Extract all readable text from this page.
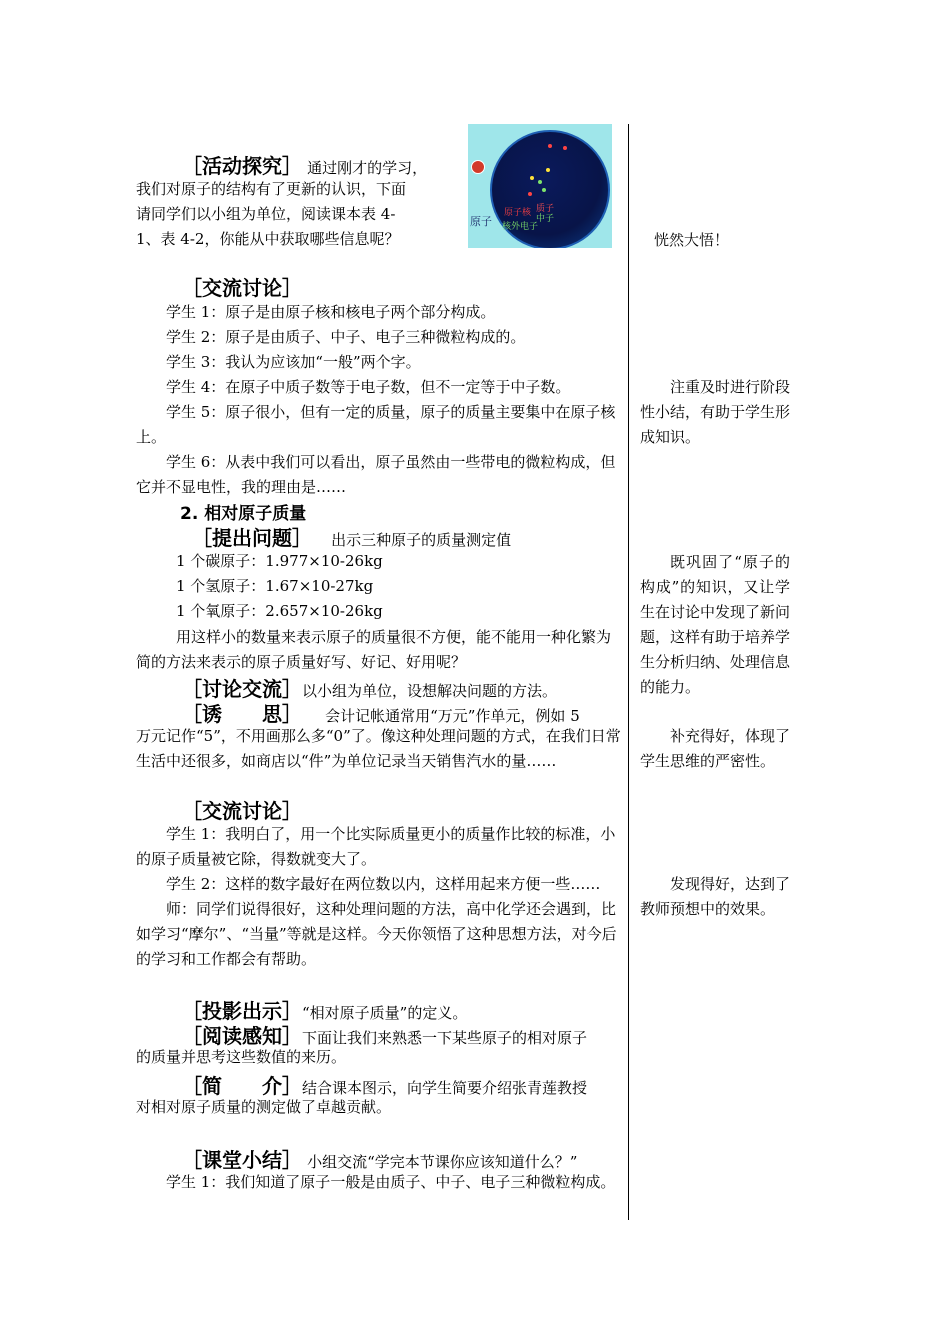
原子
原子核
核外电子
质子
中子
［活动探究］ 通过刚才的学习，
我们对原子的结构有了更新的认识，下面
请同学们以小组为单位，阅读课本表 4-
1、表 4-2，你能从中获取哪些信息呢？
［交流讨论］

学生 1：原子是由原子核和核电子两个部分构成。

学生 2：原子是由质子、中子、电子三种微粒构成的。

学生 3：我认为应该加“一般”两个字。

学生 4：在原子中质子数等于电子数，但不一定等于中子数。

学生 5：原子很小，但有一定的质量，原子的质量主要集中在原子核上。

学生 6：从表中我们可以看出，原子虽然由一些带电的微粒构成，但它并不显电性，我的理由是……

2. 相对原子质量
［提出问题］ 出示三种原子的质量测定值
1 个碳原子：1.977×10-26kg
1 个氢原子：1.67×10-27kg
1 个氧原子：2.657×10-26kg

用这样小的数量来表示原子的质量很不方便，能不能用一种化繁为简的方法来表示的原子质量好写、好记、好用呢？

［讨论交流］以小组为单位，设想解决问题的方法。
［诱　　思］ 会计记帐通常用“万元”作单元，例如 5

万元记作“5”，不用画那么多“0”了。像这种处理问题的方式，在我们日常生活中还很多，如商店以“件”为单位记录当天销售汽水的量……

［交流讨论］

学生 1：我明白了，用一个比实际质量更小的质量作比较的标准，小的原子质量被它除，得数就变大了。

学生 2：这样的数字最好在两位数以内，这样用起来方便一些……

师：同学们说得很好，这种处理问题的方法，高中化学还会遇到，比如学习“摩尔”、“当量”等就是这样。今天你领悟了这种思想方法，对今后的学习和工作都会有帮助。

［投影出示］“相对原子质量”的定义。
［阅读感知］下面让我们来熟悉一下某些原子的相对原子
的质量并思考这些数值的来历。
［简　　介］结合课本图示，向学生简要介绍张青莲教授
对相对原子质量的测定做了卓越贡献。
［课堂小结］ 小组交流“学完本节课你应该知道什么？”

学生 1：我们知道了原子一般是由质子、中子、电子三种微粒构成。

恍然大悟！
注重及时进行阶段性小结，有助于学生形成知识。
既巩固了“原子的构成”的知识，又让学生在讨论中发现了新问题，这样有助于培养学生分析归纳、处理信息的能力。
补充得好，体现了学生思维的严密性。
发现得好，达到了教师预想中的效果。
